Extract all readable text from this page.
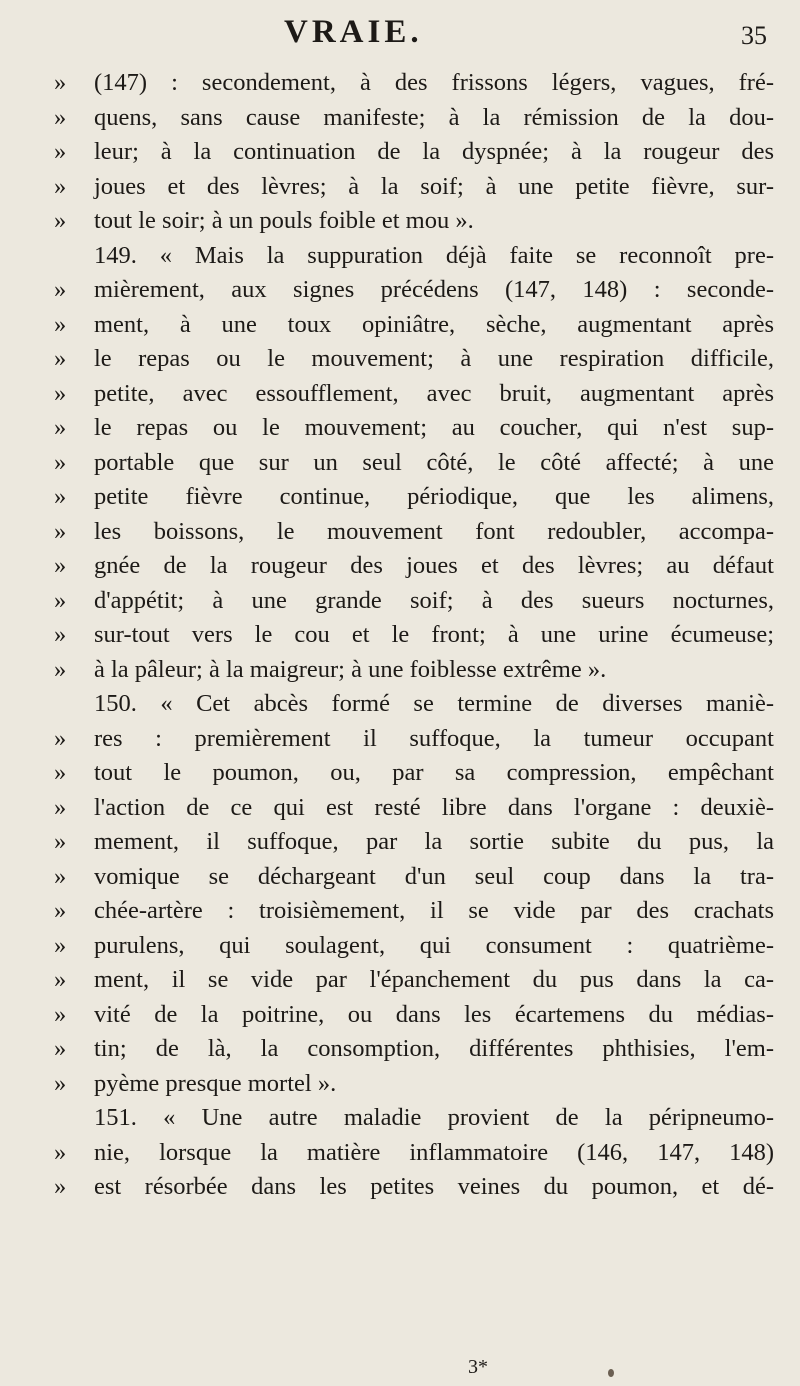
VRAIE.	35
»	(147) : secondement, à des frissons légers, vagues, fré-
»	quens, sans cause manifeste; à la rémission de la dou-
»	leur; à la continuation de la dyspnée; à la rougeur des
»	joues et des lèvres; à la soif; à une petite fièvre, sur-
»	tout le soir; à un pouls foible et mou ».
149. « Mais la suppuration déjà faite se reconnoît pre-
»	mièrement, aux signes précédens (147, 148) : seconde-
»	ment, à une toux opiniâtre, sèche, augmentant après
»	le repas ou le mouvement; à une respiration difficile,
»	petite, avec essoufflement, avec bruit, augmentant après
»	le repas ou le mouvement; au coucher, qui n'est sup-
»	portable que sur un seul côté, le côté affecté; à une
»	petite fièvre continue, périodique, que les alimens,
»	les boissons, le mouvement font redoubler, accompa-
»	gnée de la rougeur des joues et des lèvres; au défaut
»	d'appétit; à une grande soif; à des sueurs nocturnes,
»	sur-tout vers le cou et le front; à une urine écumeuse;
»	à la pâleur; à la maigreur; à une foiblesse extrême ».
150. « Cet abcès formé se termine de diverses maniè-
»	res : premièrement il suffoque, la tumeur occupant
»	tout le poumon, ou, par sa compression, empêchant
»	l'action de ce qui est resté libre dans l'organe : deuxiè-
»	mement, il suffoque, par la sortie subite du pus, la
»	vomique se déchargeant d'un seul coup dans la tra-
»	chée-artère : troisièmement, il se vide par des crachats
»	purulens, qui soulagent, qui consument : quatrième-
»	ment, il se vide par l'épanchement du pus dans la ca-
»	vité de la poitrine, ou dans les écartemens du médias-
»	tin; de là, la consomption, différentes phthisies, l'em-
»	pyème presque mortel ».
151. « Une autre maladie provient de la péripneumo-
»	nie, lorsque la matière inflammatoire (146, 147, 148)
»	est résorbée dans les petites veines du poumon, et dé-
3*
